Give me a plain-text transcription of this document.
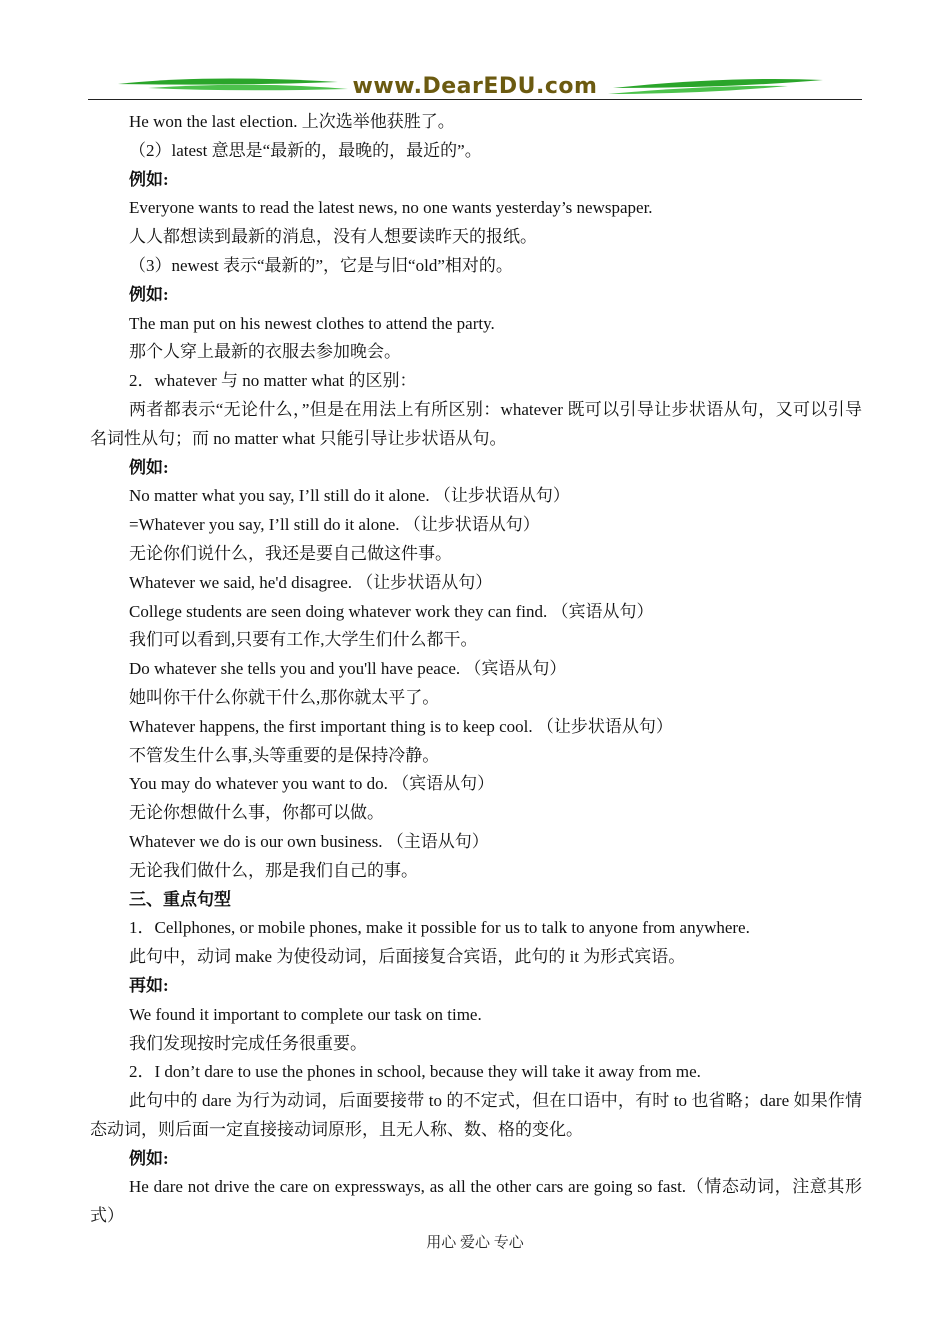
www.DearEDU.com

He won the last election. 上次选举他获胜了。

（2）latest 意思是“最新的，最晚的，最近的”。

例如:

Everyone wants to read the latest news, no one wants yesterday’s newspaper.

人人都想读到最新的消息，没有人想要读昨天的报纸。

（3）newest 表示“最新的”，它是与旧“old”相对的。

例如:

The man put on his newest clothes to attend the party.

那个人穿上最新的衣服去参加晚会。

2．whatever 与 no matter what 的区别：

两者都表示“无论什么，”但是在用法上有所区别：whatever 既可以引导让步状语从句，又可以引导名词性从句；而 no matter what 只能引导让步状语从句。

例如:

No matter what you say, I’ll still do it alone. （让步状语从句）

=Whatever you say, I’ll still do it alone. （让步状语从句）

无论你们说什么，我还是要自己做这件事。

Whatever we said, he'd disagree. （让步状语从句）

College students are seen doing whatever work they can find. （宾语从句）

我们可以看到,只要有工作,大学生们什么都干。

Do whatever she tells you and you'll have peace. （宾语从句）

她叫你干什么你就干什么,那你就太平了。

Whatever happens, the first important thing is to keep cool. （让步状语从句）

不管发生什么事,头等重要的是保持冷静。

You may do whatever you want to do. （宾语从句）

无论你想做什么事，你都可以做。

Whatever we do is our own business. （主语从句）

无论我们做什么，那是我们自己的事。

三、重点句型

1．Cellphones, or mobile phones, make it possible for us to talk to anyone from anywhere.

此句中，动词 make 为使役动词，后面接复合宾语，此句的 it 为形式宾语。

再如:

We found it important to complete our task on time.

我们发现按时完成任务很重要。

2．I don’t dare to use the phones in school, because they will take it away from me.

此句中的 dare 为行为动词，后面要接带 to 的不定式，但在口语中，有时 to 也省略；dare 如果作情态动词，则后面一定直接接动词原形，且无人称、数、格的变化。

例如:

He dare not drive the care on expressways, as all the other cars are going so fast.（情态动词，注意其形式）

用心 爱心 专心
